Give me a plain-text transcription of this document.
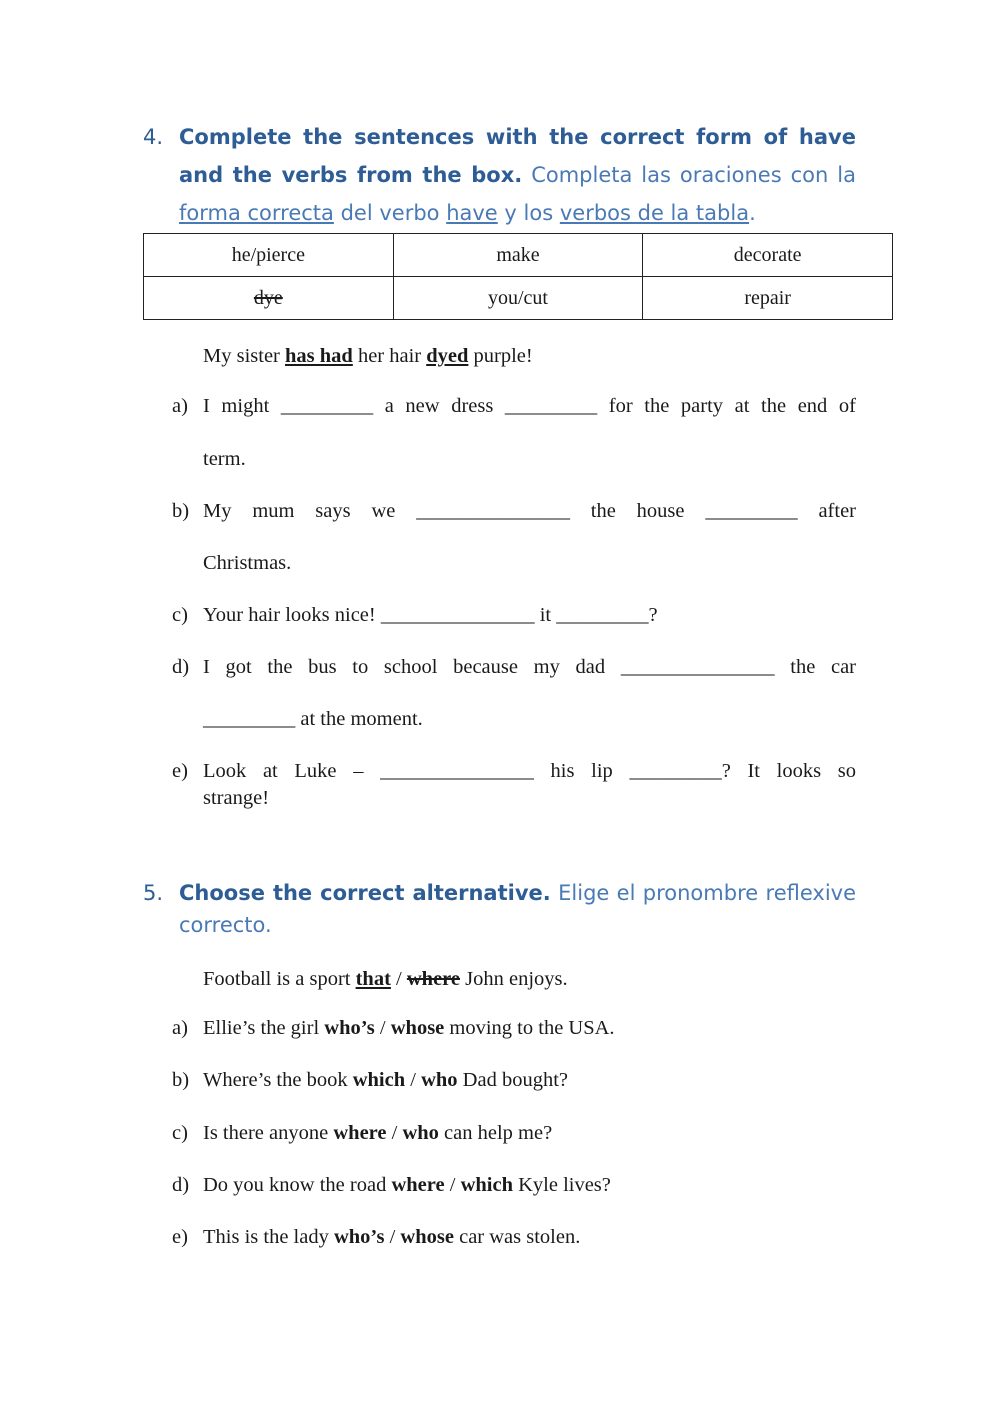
4. Complete the sentences with the correct form of have and the verbs from the box. Completa las oraciones con la forma correcta del verbo have y los verbos de la tabla.
he/pierce	make	decorate
dye	you/cut	repair
My sister has had her hair dyed purple!
a) I might _________ a new dress _________ for the party at the end of
term.
b) My mum says we _______________ the house _________ after
Christmas.
c) Your hair looks nice! _______________ it _________?
d) I got the bus to school because my dad _______________ the car
_________ at the moment.
e) Look at Luke – _______________ his lip _________? It looks so
strange!
5. Choose the correct alternative. Elige el pronombre reflexive correcto.
Football is a sport that / where John enjoys.
a) Ellie’s the girl who’s / whose moving to the USA.
b) Where’s the book which / who Dad bought?
c) Is there anyone where / who can help me?
d) Do you know the road where / which Kyle lives?
e) This is the lady who’s / whose car was stolen.
